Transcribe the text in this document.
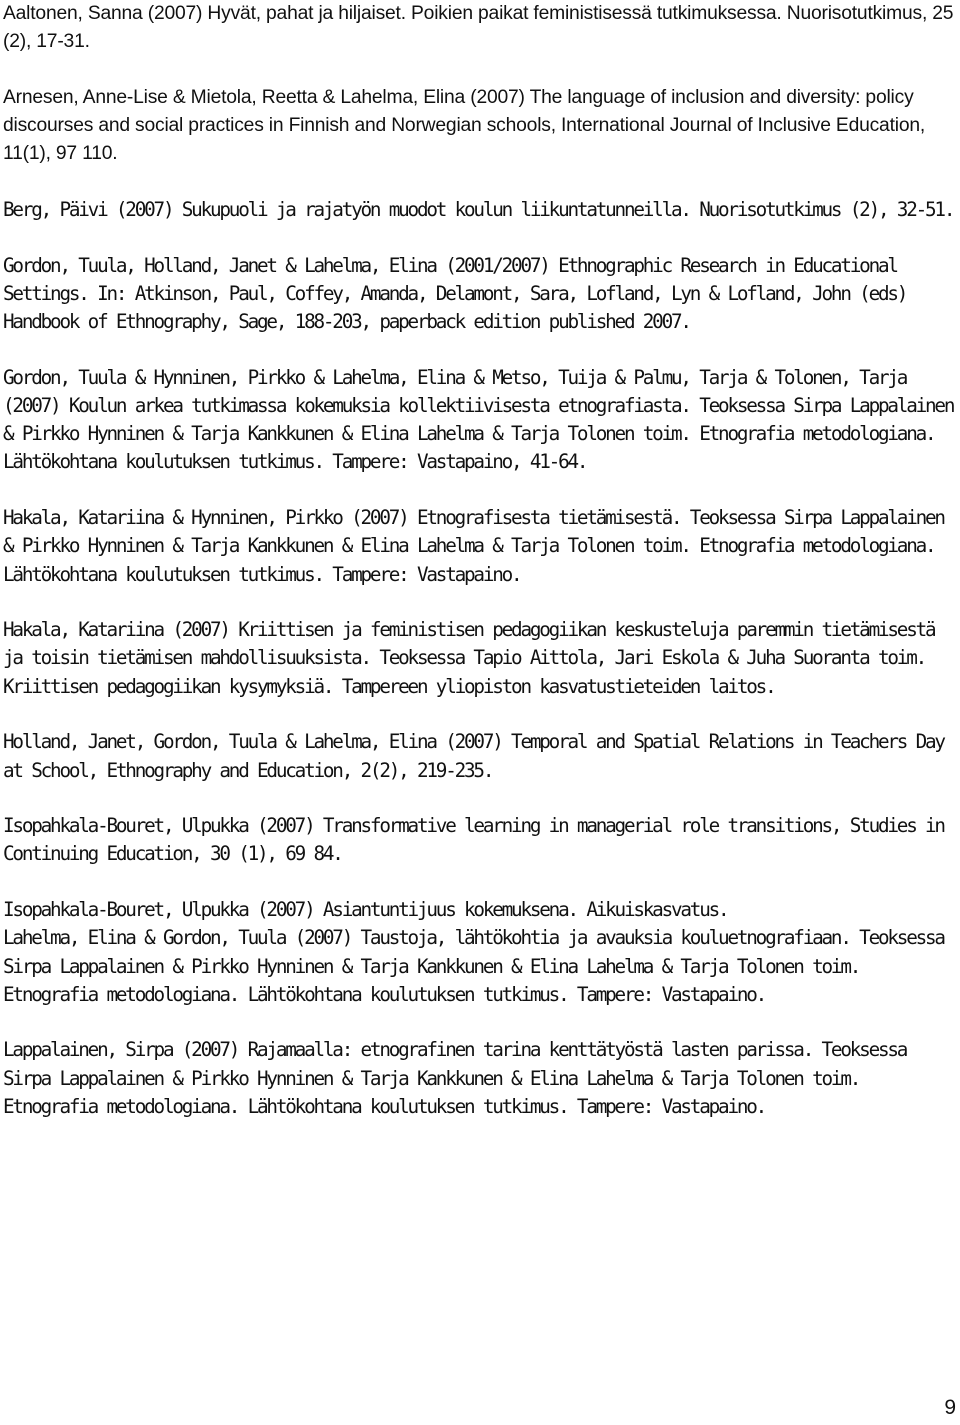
Aaltonen, Sanna (2007) Hyvät, pahat ja hiljaiset. Poikien paikat feministisessä tutkimuksessa. Nuorisotutkimus, 25 (2), 17-31.

Arnesen, Anne-Lise & Mietola, Reetta & Lahelma, Elina (2007) The language of inclusion and diversity: policy discourses and social practices in Finnish and Norwegian schools, International Journal of Inclusive Education, 11(1), 97 110.

Berg, Päivi (2007) Sukupuoli ja rajatyön muodot koulun liikuntatunneilla. Nuorisotutkimus (2), 32-51.

Gordon, Tuula, Holland, Janet & Lahelma, Elina (2001/2007) Ethnographic Research in Educational Settings. In: Atkinson, Paul, Coffey, Amanda, Delamont, Sara, Lofland, Lyn & Lofland, John (eds) Handbook of Ethnography, Sage, 188-203, paperback edition published 2007.

Gordon, Tuula & Hynninen, Pirkko & Lahelma, Elina & Metso, Tuija & Palmu, Tarja & Tolonen, Tarja (2007) Koulun arkea tutkimassa kokemuksia kollektiivisesta etnografiasta. Teoksessa Sirpa Lappalainen & Pirkko Hynninen & Tarja Kankkunen & Elina Lahelma & Tarja Tolonen toim. Etnografia metodologiana. Lähtökohtana koulutuksen tutkimus. Tampere: Vastapaino, 41-64.

Hakala, Katariina & Hynninen, Pirkko (2007) Etnografisesta tietämisestä. Teoksessa Sirpa Lappalainen & Pirkko Hynninen & Tarja Kankkunen & Elina Lahelma & Tarja Tolonen toim. Etnografia metodologiana. Lähtökohtana koulutuksen tutkimus. Tampere: Vastapaino.

Hakala, Katariina (2007) Kriittisen ja feministisen pedagogiikan keskusteluja paremmin tietämisestä ja toisin tietämisen mahdollisuuksista. Teoksessa Tapio Aittola, Jari Eskola & Juha Suoranta toim. Kriittisen pedagogiikan kysymyksiä. Tampereen yliopiston kasvatustieteiden laitos.

Holland, Janet, Gordon, Tuula & Lahelma, Elina (2007) Temporal and Spatial Relations in Teachers Day at School, Ethnography and Education, 2(2), 219-235.

Isopahkala-Bouret, Ulpukka (2007) Transformative learning in managerial role transitions, Studies in Continuing Education, 30 (1), 69 84.

Isopahkala-Bouret, Ulpukka (2007) Asiantuntijuus kokemuksena. Aikuiskasvatus.

Lahelma, Elina & Gordon, Tuula (2007) Taustoja, lähtökohtia ja avauksia kouluetnografiaan. Teoksessa Sirpa Lappalainen & Pirkko Hynninen & Tarja Kankkunen & Elina Lahelma & Tarja Tolonen toim. Etnografia metodologiana. Lähtökohtana koulutuksen tutkimus. Tampere: Vastapaino.

Lappalainen, Sirpa (2007) Rajamaalla: etnografinen tarina kenttätyöstä lasten parissa. Teoksessa Sirpa Lappalainen & Pirkko Hynninen & Tarja Kankkunen & Elina Lahelma & Tarja Tolonen toim. Etnografia metodologiana. Lähtökohtana koulutuksen tutkimus. Tampere: Vastapaino.

9
